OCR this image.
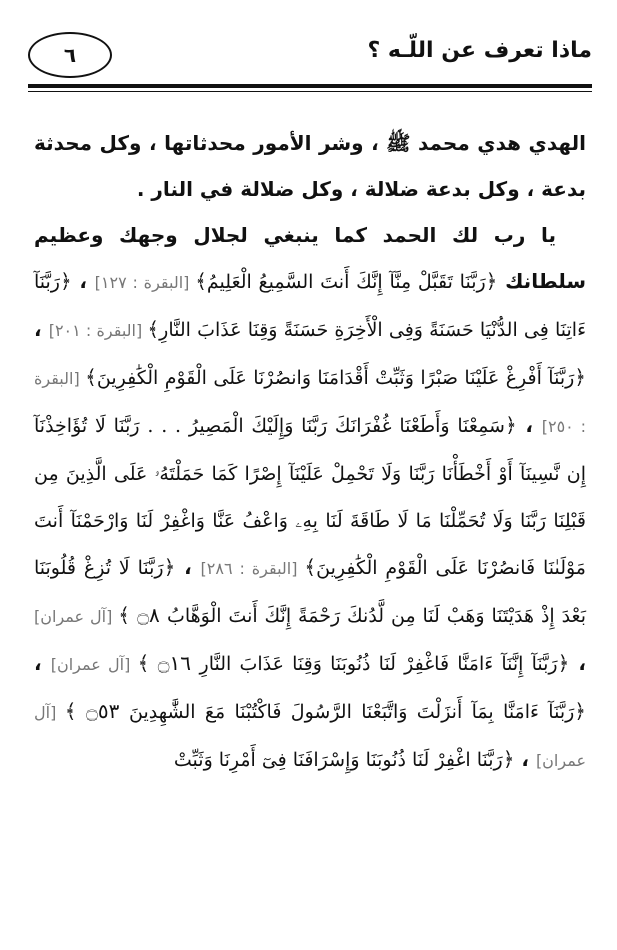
٦	ماذا تعرف عن اللّـه ؟

الهدي هدي محمد ﷺ ، وشر الأمور محدثاتها ، وكل محدثة بدعة ، وكل بدعة ضلالة ، وكل ضلالة في النار .

يا رب لك الحمد كما ينبغي لجلال وجهك وعظيم سلطانك ﴿رَبَّنَا تَقَبَّلْ مِنَّآ إِنَّكَ أَنتَ السَّمِيعُ الْعَلِيمُ﴾ [البقرة : ١٢٧] ، ﴿رَبَّنَآ ءَاتِنَا فِى الدُّنْيَا حَسَنَةً وَفِى الْأَخِرَةِ حَسَنَةً وَقِنَا عَذَابَ النَّارِ﴾ [البقرة : ٢٠١] ، ﴿رَبَّنَآ أَفْرِغْ عَلَيْنَا صَبْرًا وَثَبِّتْ أَقْدَامَنَا وَانصُرْنَا عَلَى الْقَوْمِ الْكَٰفِرِينَ﴾ [البقرة : ٢٥٠] ، ﴿سَمِعْنَا وَأَطَعْنَا غُفْرَانَكَ رَبَّنَا وَإِلَيْكَ الْمَصِيرُ . . . رَبَّنَا لَا تُؤَاخِذْنَآ إِن نَّسِينَآ أَوْ أَخْطَأْنَا رَبَّنَا وَلَا تَحْمِلْ عَلَيْنَآ إِصْرًا كَمَا حَمَلْتَهُۥ عَلَى الَّذِينَ مِن قَبْلِنَا رَبَّنَا وَلَا تُحَمِّلْنَا مَا لَا طَاقَةَ لَنَا بِهِۦ وَاعْفُ عَنَّا وَاغْفِرْ لَنَا وَارْحَمْنَآ أَنتَ مَوْلَىٰنَا فَانصُرْنَا عَلَى الْقَوْمِ الْكَٰفِرِينَ﴾ [البقرة : ٢٨٦] ، ﴿رَبَّنَا لَا تُزِغْ قُلُوبَنَا بَعْدَ إِذْ هَدَيْتَنَا وَهَبْ لَنَا مِن لَّدُنكَ رَحْمَةً إِنَّكَ أَنتَ الْوَهَّابُ ۝٨ ﴾ [آل عمران] ، ﴿رَبَّنَآ إِنَّنَآ ءَامَنَّا فَاغْفِرْ لَنَا ذُنُوبَنَا وَقِنَا عَذَابَ النَّارِ ۝١٦ ﴾ [آل عمران] ، ﴿رَبَّنَآ ءَامَنَّا بِمَآ أَنزَلْتَ وَاتَّبَعْنَا الرَّسُولَ فَاكْتُبْنَا مَعَ الشَّٰهِدِينَ ۝٥٣ ﴾ [آل عمران] ، ﴿رَبَّنَا اغْفِرْ لَنَا ذُنُوبَنَا وَإِسْرَافَنَا فِىٓ أَمْرِنَا وَثَبِّتْ
